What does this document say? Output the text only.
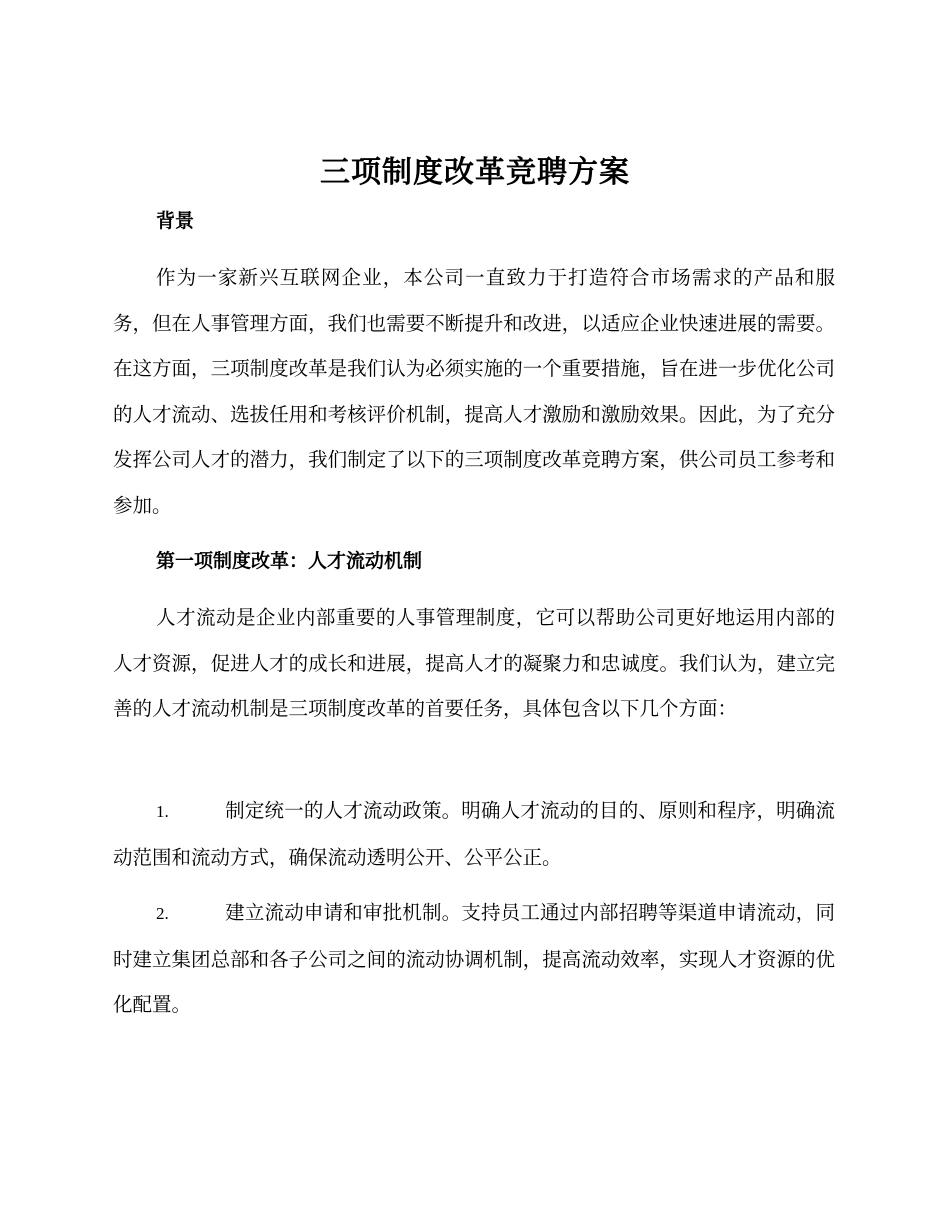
三项制度改革竞聘方案
背景

作为一家新兴互联网企业，本公司一直致力于打造符合市场需求的产品和服务，但在人事管理方面，我们也需要不断提升和改进，以适应企业快速进展的需要。在这方面，三项制度改革是我们认为必须实施的一个重要措施，旨在进一步优化公司的人才流动、选拔任用和考核评价机制，提高人才激励和激励效果。因此，为了充分发挥公司人才的潜力，我们制定了以下的三项制度改革竞聘方案，供公司员工参考和参加。

第一项制度改革：人才流动机制

人才流动是企业内部重要的人事管理制度，它可以帮助公司更好地运用内部的人才资源，促进人才的成长和进展，提高人才的凝聚力和忠诚度。我们认为，建立完善的人才流动机制是三项制度改革的首要任务，具体包含以下几个方面：

1.	制定统一的人才流动政策。明确人才流动的目的、原则和程序，明确流动范围和流动方式，确保流动透明公开、公平公正。

2.	建立流动申请和审批机制。支持员工通过内部招聘等渠道申请流动，同时建立集团总部和各子公司之间的流动协调机制，提高流动效率，实现人才资源的优化配置。
